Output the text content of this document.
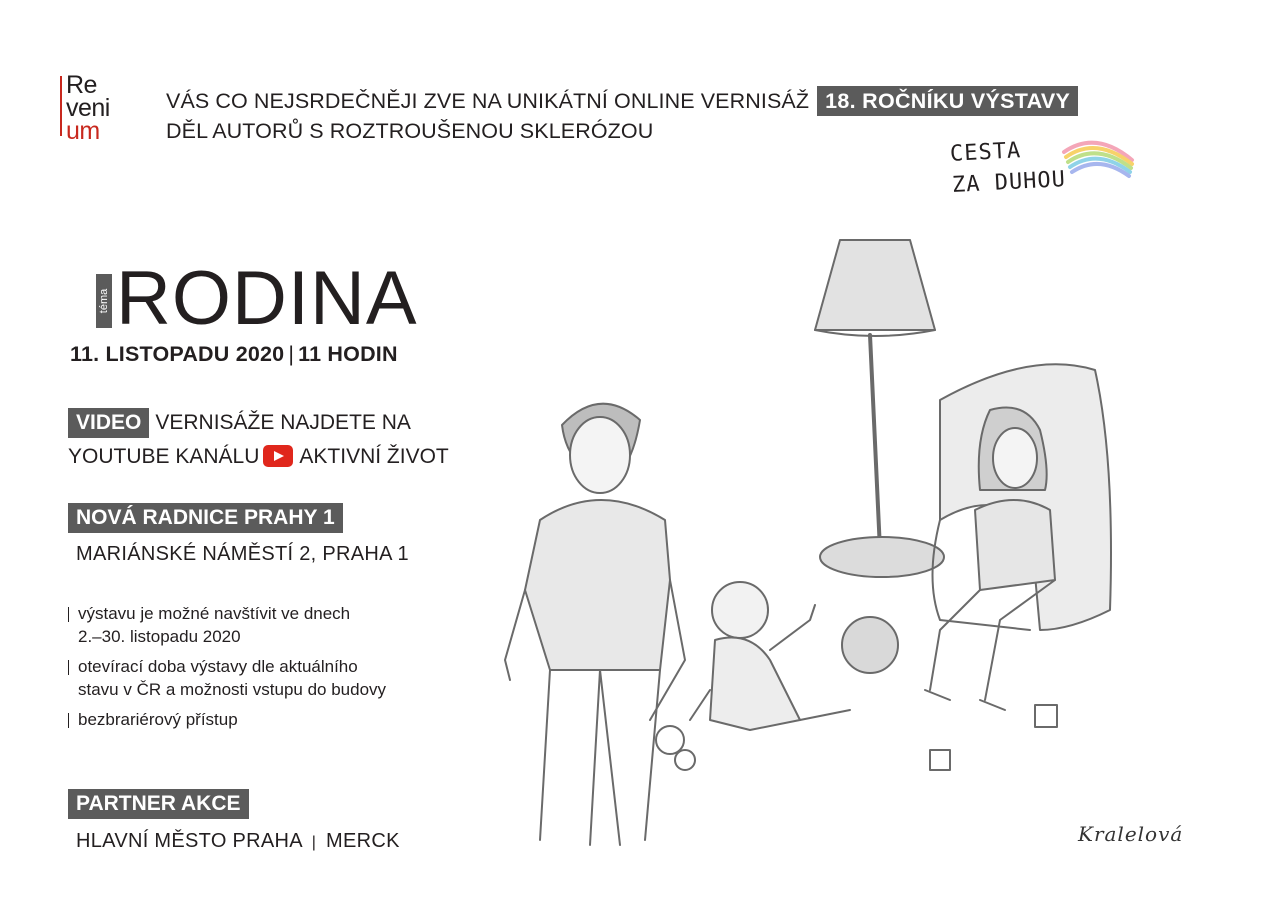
Re
veni
um
VÁS CO NEJSRDEČNĚJI ZVE NA UNIKÁTNÍ ONLINE VERNISÁŽ 18. ROČNÍKU VÝSTAVY
DĚL AUTORŮ S ROZTROUŠENOU SKLERÓZOU
CESTA
ZA DUHOU
téma RODINA
11. LISTOPADU 2020 | 11 HODIN
VIDEO VERNISÁŽE NAJDETE NA
YOUTUBE KANÁLU AKTIVNÍ ŽIVOT
NOVÁ RADNICE PRAHY 1
MARIÁNSKÉ NÁMĚSTÍ 2, PRAHA 1
výstavu je možné navštívit ve dnech
2.–30. listopadu 2020
otevírací doba výstavy dle aktuálního
stavu v ČR a možnosti vstupu do budovy
bezbrariérový přístup
PARTNER AKCE
HLAVNÍ MĚSTO PRAHA | MERCK	Kralelová
